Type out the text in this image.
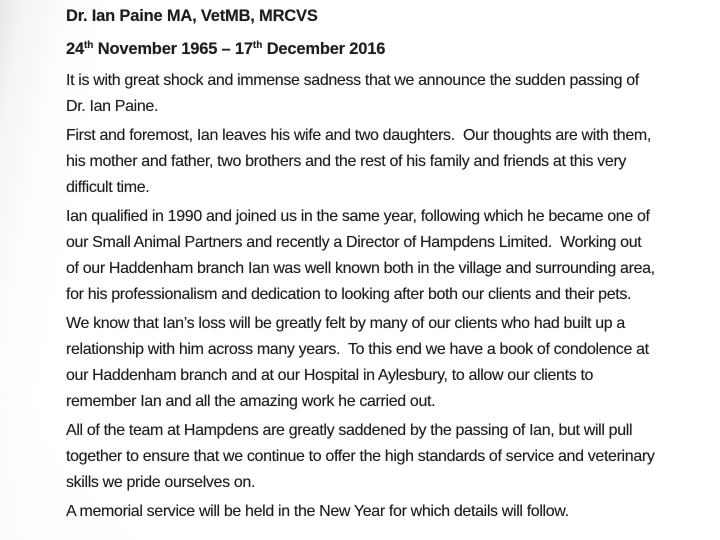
Dr. Ian Paine MA, VetMB, MRCVS
24th November 1965 – 17th December 2016

It is with great shock and immense sadness that we announce the sudden passing of Dr. Ian Paine.

First and foremost, Ian leaves his wife and two daughters.  Our thoughts are with them, his mother and father, two brothers and the rest of his family and friends at this very difficult time.

Ian qualified in 1990 and joined us in the same year, following which he became one of our Small Animal Partners and recently a Director of Hampdens Limited.  Working out of our Haddenham branch Ian was well known both in the village and surrounding area, for his professionalism and dedication to looking after both our clients and their pets.

We know that Ian’s loss will be greatly felt by many of our clients who had built up a relationship with him across many years.  To this end we have a book of condolence at our Haddenham branch and at our Hospital in Aylesbury, to allow our clients to remember Ian and all the amazing work he carried out.

All of the team at Hampdens are greatly saddened by the passing of Ian, but will pull together to ensure that we continue to offer the high standards of service and veterinary skills we pride ourselves on.

A memorial service will be held in the New Year for which details will follow.
